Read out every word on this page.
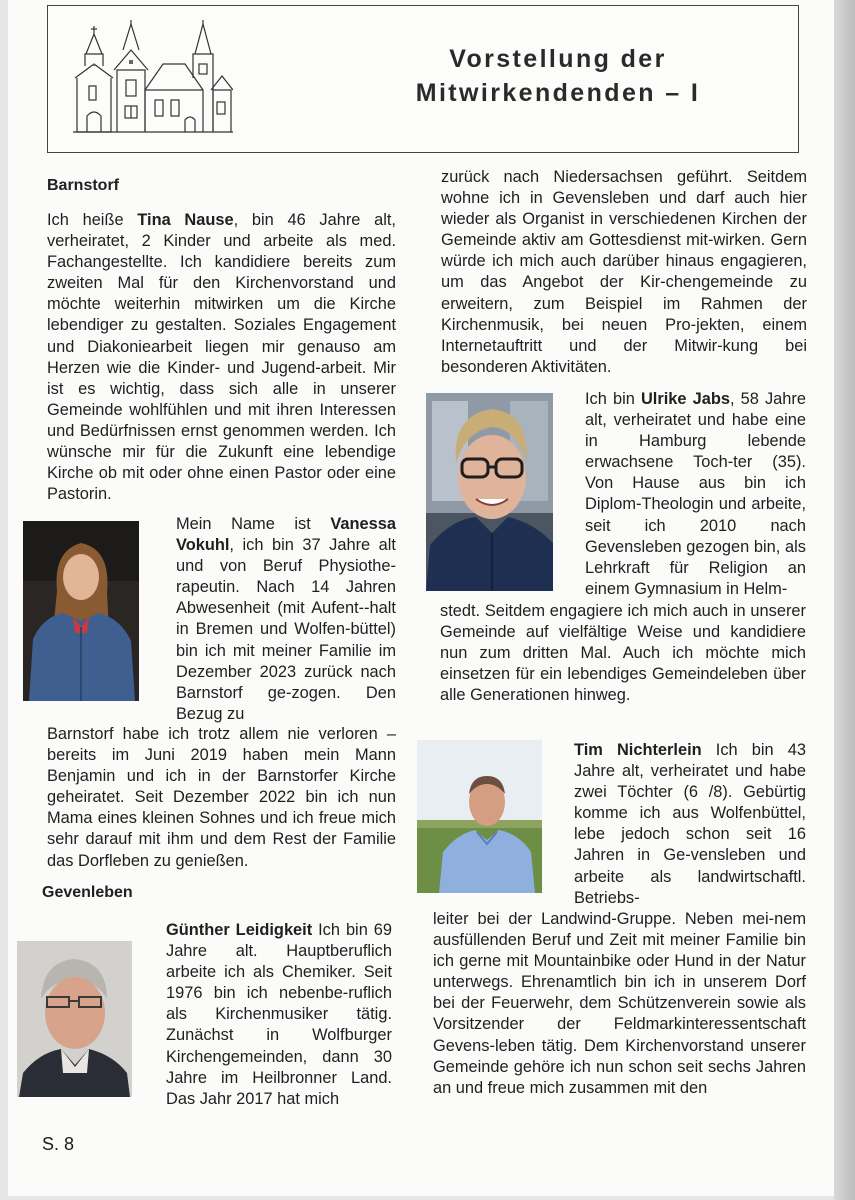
Vorstellung der
Mitwirkendenden – I
Barnstorf

Ich heiße Tina Nause, bin 46 Jahre alt, verheiratet, 2 Kinder und arbeite als med. Fachangestellte. Ich kandidiere bereits zum zweiten Mal für den Kirchenvorstand und möchte weiterhin mitwirken um die Kirche lebendiger zu gestalten. Soziales Engagement und Diakoniearbeit liegen mir genauso am Herzen wie die Kinder- und Jugend-arbeit. Mir ist es wichtig, dass sich alle in unserer Gemeinde wohlfühlen und mit ihren Interessen und Bedürfnissen ernst genommen werden. Ich wünsche mir für die Zukunft eine lebendige Kirche ob mit oder ohne einen Pastor oder eine Pastorin.

Mein Name ist Vanessa Vokuhl, ich bin 37 Jahre alt und von Beruf Physiothe-rapeutin. Nach 14 Jahren Abwesenheit (mit Aufent--halt in Bremen und Wolfen-büttel) bin ich mit meiner Familie im Dezember 2023 zurück nach Barnstorf ge-zogen. Den Bezug zu

Barnstorf habe ich trotz allem nie verloren – bereits im Juni 2019 haben mein Mann Benjamin und ich in der Barnstorfer Kirche geheiratet. Seit Dezember 2022 bin ich nun Mama eines kleinen Sohnes und ich freue mich sehr darauf mit ihm und dem Rest der Familie das Dorfleben zu genießen.

Gevenleben

Günther Leidigkeit Ich bin 69 Jahre alt. Hauptberuflich arbeite ich als Chemiker. Seit 1976 bin ich nebenbe-ruflich als Kirchenmusiker tätig. Zunächst in Wolfburger Kirchengemeinden, dann 30 Jahre im Heilbronner Land. Das Jahr 2017 hat mich

zurück nach Niedersachsen geführt. Seitdem wohne ich in Gevensleben und darf auch hier wieder als Organist in verschiedenen Kirchen der Gemeinde aktiv am Gottesdienst mit-wirken. Gern würde ich mich auch darüber hinaus engagieren, um das Angebot der Kir-chengemeinde zu erweitern, zum Beispiel im Rahmen der Kirchenmusik, bei neuen Pro-jekten, einem Internetauftritt und der Mitwir-kung bei besonderen Aktivitäten.

Ich bin Ulrike Jabs, 58 Jahre alt, verheiratet und habe eine in Hamburg lebende erwachsene Toch-ter (35). Von Hause aus bin ich Diplom-Theologin und arbeite, seit ich 2010 nach Gevensleben gezogen bin, als Lehrkraft für Religion an einem Gymnasium in Helm-

stedt. Seitdem engagiere ich mich auch in unserer Gemeinde auf vielfältige Weise und kandidiere nun zum dritten Mal. Auch ich möchte mich einsetzen für ein lebendiges Gemeindeleben über alle Generationen hinweg.

Tim Nichterlein Ich bin 43 Jahre alt, verheiratet und habe zwei Töchter (6 /8). Gebürtig komme ich aus Wolfenbüttel, lebe jedoch schon seit 16 Jahren in Ge-vensleben und arbeite als landwirtschaftl. Betriebs-

leiter bei der Landwind-Gruppe. Neben mei-nem ausfüllenden Beruf und Zeit mit meiner Familie bin ich gerne mit Mountainbike oder Hund in der Natur unterwegs. Ehrenamtlich bin ich in unserem Dorf bei der Feuerwehr, dem Schützenverein sowie als Vorsitzender der Feldmarkinteressentschaft Gevens-leben tätig. Dem Kirchenvorstand unserer Gemeinde gehöre ich nun schon seit sechs Jahren an und freue mich zusammen mit den

S. 8
